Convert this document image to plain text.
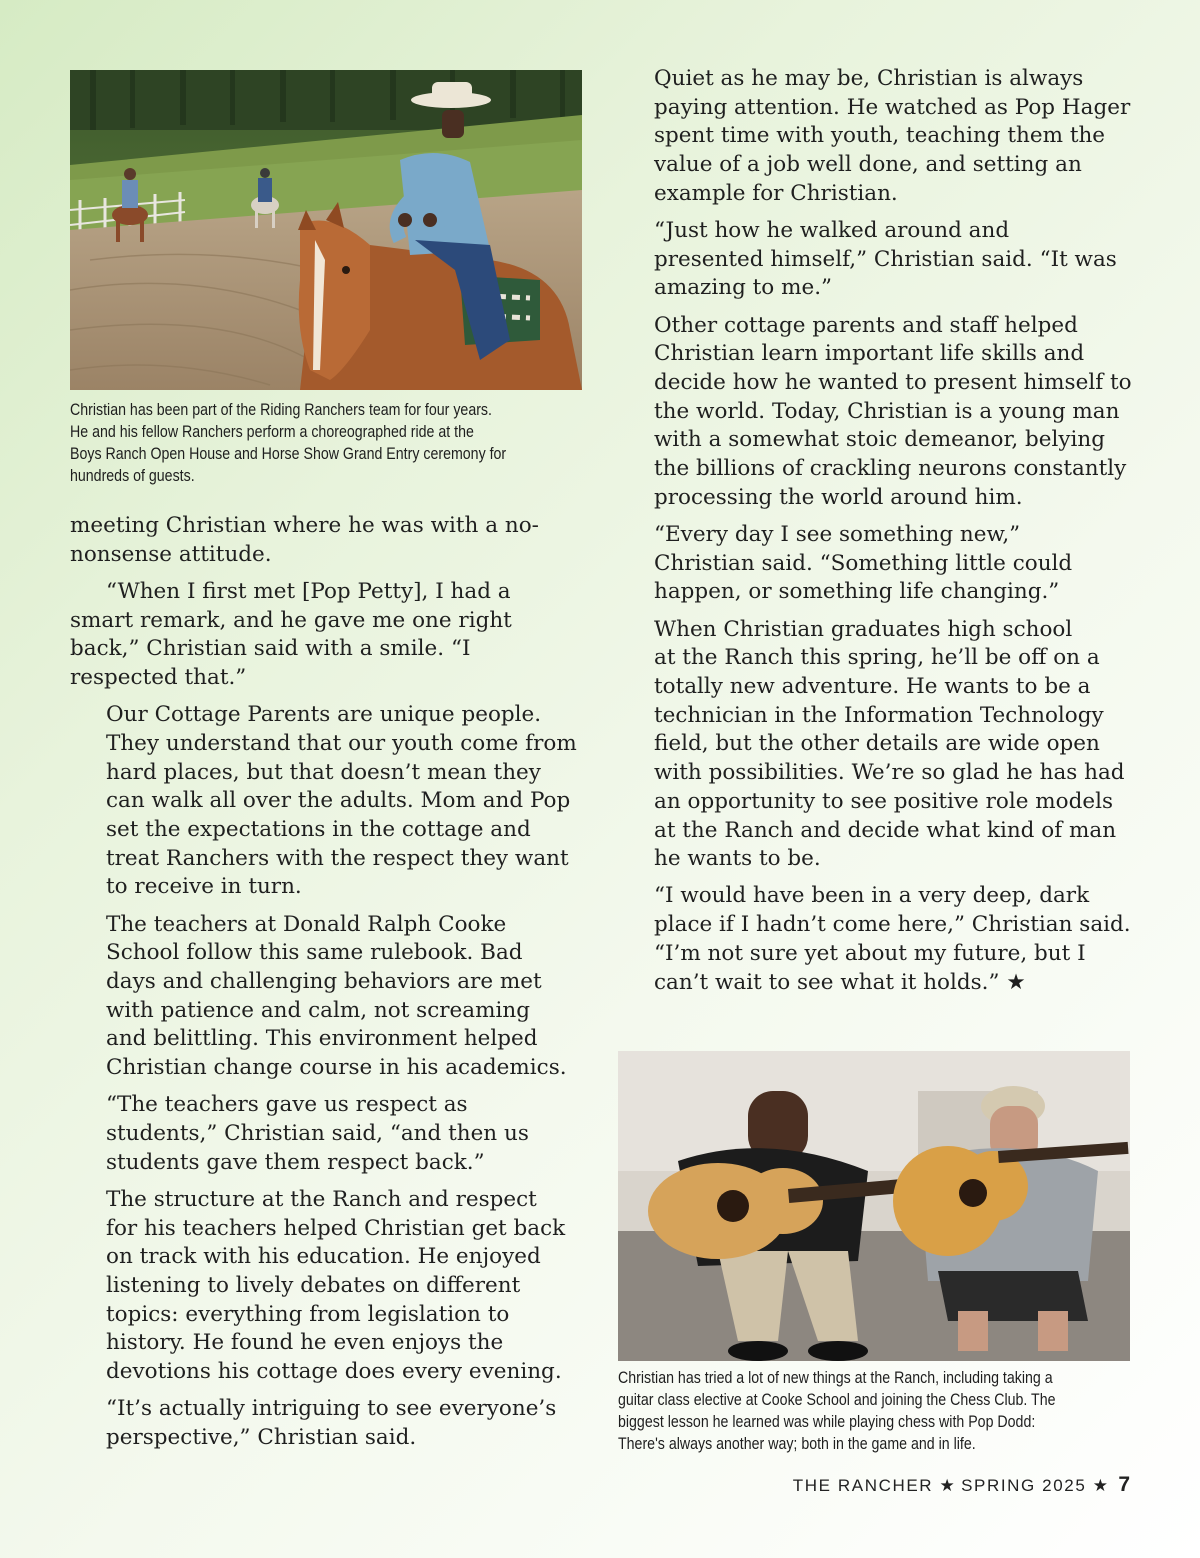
Christian has been part of the Riding Ranchers team for four years.
He and his fellow Ranchers perform a choreographed ride at the
Boys Ranch Open House and Horse Show Grand Entry ceremony for
hundreds of guests.

meeting Christian where he was with a no-
nonsense attitude.

“When I first met [Pop Petty], I had a
smart remark, and he gave me one right
back,” Christian said with a smile. “I
respected that.”

Our Cottage Parents are unique people.
They understand that our youth come from
hard places, but that doesn’t mean they
can walk all over the adults. Mom and Pop
set the expectations in the cottage and
treat Ranchers with the respect they want
to receive in turn.

The teachers at Donald Ralph Cooke
School follow this same rulebook. Bad
days and challenging behaviors are met
with patience and calm, not screaming
and belittling. This environment helped
Christian change course in his academics.

“The teachers gave us respect as
students,” Christian said, “and then us
students gave them respect back.”

The structure at the Ranch and respect
for his teachers helped Christian get back
on track with his education. He enjoyed
listening to lively debates on different
topics: everything from legislation to
history. He found he even enjoys the
devotions his cottage does every evening.

“It’s actually intriguing to see everyone’s
perspective,” Christian said.

Quiet as he may be, Christian is always
paying attention. He watched as Pop Hager
spent time with youth, teaching them the
value of a job well done, and setting an
example for Christian.

“Just how he walked around and
presented himself,” Christian said. “It was
amazing to me.”

Other cottage parents and staff helped
Christian learn important life skills and
decide how he wanted to present himself to
the world. Today, Christian is a young man
with a somewhat stoic demeanor, belying
the billions of crackling neurons constantly
processing the world around him.

“Every day I see something new,”
Christian said. “Something little could
happen, or something life changing.”

When Christian graduates high school
at the Ranch this spring, he’ll be off on a
totally new adventure. He wants to be a
technician in the Information Technology
field, but the other details are wide open
with possibilities. We’re so glad he has had
an opportunity to see positive role models
at the Ranch and decide what kind of man
he wants to be.

“I would have been in a very deep, dark
place if I hadn’t come here,” Christian said.
“I’m not sure yet about my future, but I
can’t wait to see what it holds.” ★

Christian has tried a lot of new things at the Ranch, including taking a
guitar class elective at Cooke School and joining the Chess Club. The
biggest lesson he learned was while playing chess with Pop Dodd:
There's always another way; both in the game and in life.
THE RANCHER ★ SPRING 2025 ★ 7
